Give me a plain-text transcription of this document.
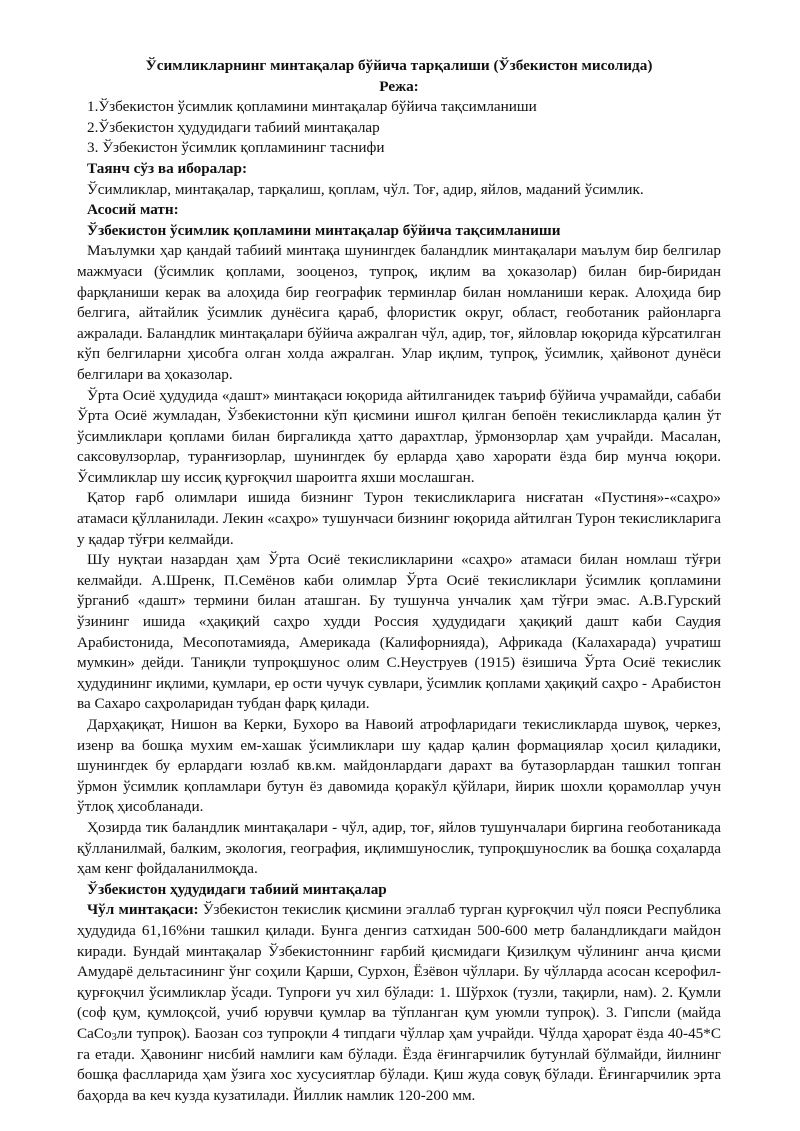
Ўсимликларнинг минтақалар бўйича тарқалиши (Ўзбекистон мисолида)
Режа:
1.Ўзбекистон ўсимлик қопламини минтақалар бўйича тақсимланиши
2.Ўзбекистон ҳудудидаги табиий минтақалар
3. Ўзбекистон ўсимлик қопламининг таснифи
Таянч сўз ва иборалар:

Ўсимликлар, минтақалар, тарқалиш, қоплам, чўл. Тоғ, адир, яйлов, маданий ўсимлик.

Асосий матн:
Ўзбекистон ўсимлик қопламини минтақалар бўйича тақсимланиши

Маълумки ҳар қандай табиий минтақа шунингдек баландлик минтақалари маълум бир белгилар мажмуаси (ўсимлик қоплами, зооценоз, тупроқ, иқлим ва ҳоказолар) билан бир-биридан фарқланиши керак ва алоҳида бир географик терминлар билан номланиши керак. Алоҳида бир белгига, айтайлик ўсимлик дунёсига қараб, флористик округ, област, геоботаник районларга ажралади. Баландлик минтақалари бўйича ажралган чўл, адир, тоғ, яйловлар юқорида кўрсатилган кўп белгиларни ҳисобга олган холда ажралган. Улар иқлим, тупроқ, ўсимлик, ҳайвонот дунёси белгилари ва ҳоказолар.

Ўрта Осиё ҳудудида «дашт» минтақаси юқорида айтилганидек таъриф бўйича учрамайди, сабаби Ўрта Осиё жумладан, Ўзбекистонни кўп қисмини ишғол қилган бепоён текисликларда қалин ўт ўсимликлари қоплами билан биргаликда ҳатто дарахтлар, ўрмонзорлар ҳам учрайди. Масалан, саксовулзорлар, туранғизорлар, шунингдек бу ерларда ҳаво харорати ёзда бир мунча юқори. Ўсимликлар шу иссиқ қурғоқчил шароитга яхши мослашган.

Қатор ғарб олимлари ишида бизнинг Турон текисликларига нисғатан «Пустиня»-«саҳро» атамаси қўлланилади. Лекин «саҳро» тушунчаси бизнинг юқорида айтилган Турон текисликларига у қадар тўғри келмайди.

Шу нуқтаи назардан ҳам Ўрта Осиё текисликларини «саҳро» атамаси билан номлаш тўғри келмайди. А.Шренк, П.Семёнов каби олимлар Ўрта Осиё текисликлари ўсимлик қопламини ўрганиб «дашт» термини билан аташган. Бу тушунча унчалик ҳам тўғри эмас. А.В.Гурский ўзининг ишида «ҳақиқий саҳро худди Россия ҳудудидаги ҳақиқий дашт каби Саудия Арабистонида, Месопотамияда, Америкада (Калифорнияда), Африкада (Калахарада) учратиш мумкин» дейди. Таниқли тупроқшунос олим С.Неуструев (1915) ёзишича Ўрта Осиё текислик ҳудудининг иқлими, қумлари, ер ости чучук сувлари, ўсимлик қоплами ҳақиқий саҳро - Арабистон ва Сахаро саҳроларидан тубдан фарқ қилади.

Дарҳақиқат, Нишон ва Керки, Бухоро ва Навоий атрофларидаги текисликларда шувоқ, черкез, изенр ва бошқа мухим ем-хашак ўсимликлари шу қадар қалин формациялар ҳосил қиладики, шунингдек бу ерлардаги юзлаб кв.км. майдонлардаги дарахт ва бутазорлардан ташкил топган ўрмон ўсимлик қопламлари бутун ёз давомида қоракўл қўйлари, йирик шохли қорамоллар учун ўтлоқ ҳисобланади.

Ҳозирда тик баландлик минтақалари - чўл, адир, тоғ, яйлов тушунчалари биргина геоботаникада қўлланилмай, балким, экология, география, иқлимшунослик, тупроқшунослик ва бошқа соҳаларда ҳам кенг фойдаланилмоқда.

Ўзбекистон ҳудудидаги табиий минтақалар

Чўл минтақаси: Ўзбекистон текислик қисмини эгаллаб турган қурғоқчил чўл пояси Республика ҳудудида 61,16%ни ташкил қилади. Бунга денгиз сатхидан 500-600 метр баландликдаги майдон киради. Бундай минтақалар Ўзбекистоннинг ғарбий қисмидаги Қизилқум чўлининг анча қисми Амударё дельтасининг ўнг соҳили Қарши, Сурхон, Ёзёвон чўллари. Бу чўлларда асосан ксерофил-қурғоқчил ўсимликлар ўсади. Тупроғи уч хил бўлади: 1. Шўрхок (тузли, тақирли, нам). 2. Қумли (соф қум, қумлоқсой, учиб юрувчи қумлар ва тўпланган қум уюмли тупроқ). 3. Гипсли (майда СаСо$_3$ли тупроқ). Баозан соз тупроқли 4 типдаги чўллар ҳам учрайди. Чўлда ҳарорат ёзда 40-45*С га етади. Ҳавонинг нисбий намлиги кам бўлади. Ёзда ёғингарчилик бутунлай бўлмайди, йилнинг бошқа фаслларида ҳам ўзига хос хусусиятлар бўлади. Қиш жуда совуқ бўлади. Ёғингарчилик эрта баҳорда ва кеч кузда кузатилади. Йиллик намлик 120-200 мм.
